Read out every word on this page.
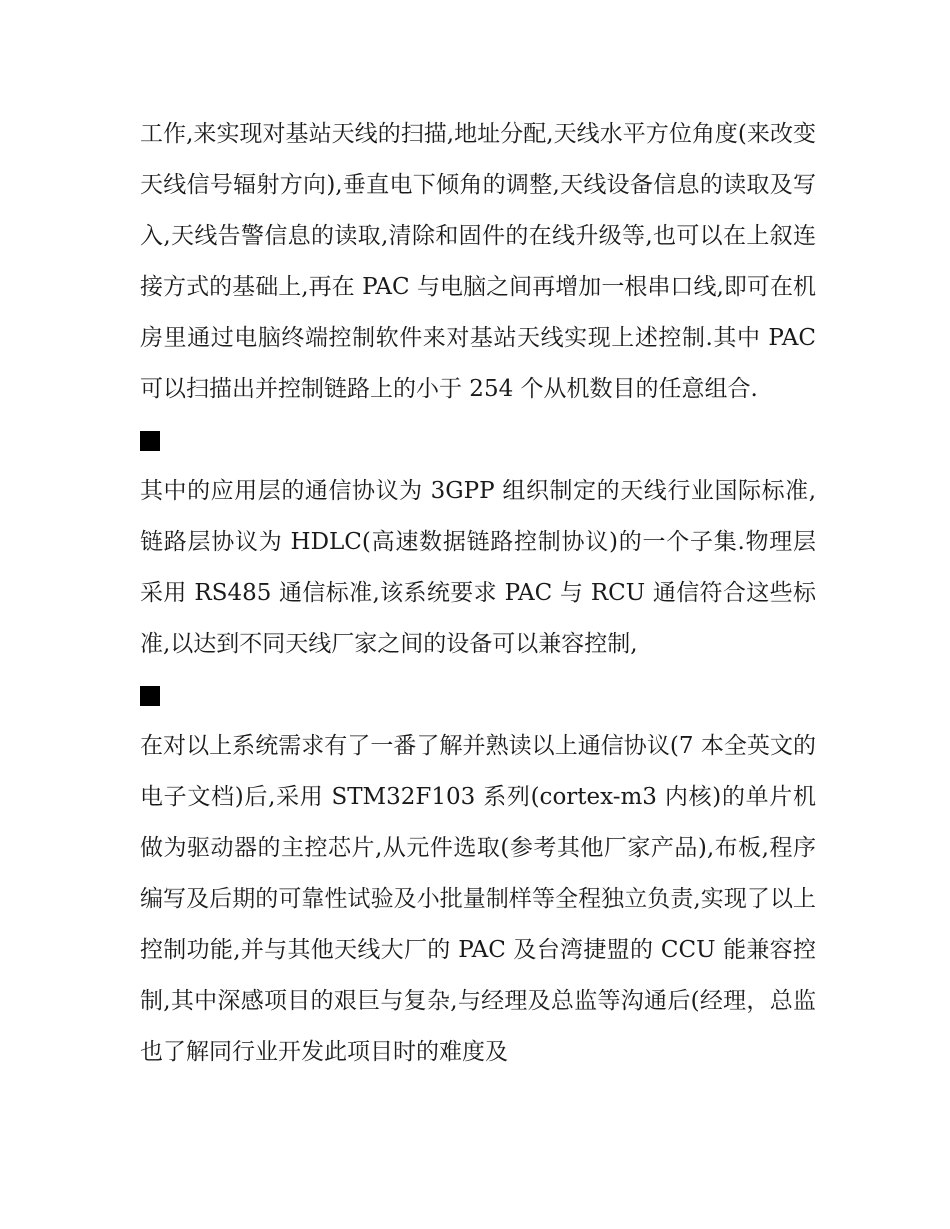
工作,来实现对基站天线的扫描,地址分配,天线水平方位角度(来改变天线信号辐射方向),垂直电下倾角的调整,天线设备信息的读取及写入,天线告警信息的读取,清除和固件的在线升级等,也可以在上叙连接方式的基础上,再在 PAC 与电脑之间再增加一根串口线,即可在机房里通过电脑终端控制软件来对基站天线实现上述控制.其中 PAC 可以扫描出并控制链路上的小于 254 个从机数目的任意组合.

其中的应用层的通信协议为 3GPP 组织制定的天线行业国际标准,链路层协议为 HDLC(高速数据链路控制协议)的一个子集.物理层采用 RS485 通信标准,该系统要求 PAC 与 RCU 通信符合这些标准,以达到不同天线厂家之间的设备可以兼容控制,

在对以上系统需求有了一番了解并熟读以上通信协议(7 本全英文的电子文档)后,采用 STM32F103 系列(cortex-m3 内核)的单片机做为驱动器的主控芯片,从元件选取(参考其他厂家产品),布板,程序编写及后期的可靠性试验及小批量制样等全程独立负责,实现了以上控制功能,并与其他天线大厂的 PAC 及台湾捷盟的 CCU 能兼容控制,其中深感项目的艰巨与复杂,与经理及总监等沟通后(经理，总监也了解同行业开发此项目时的难度及
